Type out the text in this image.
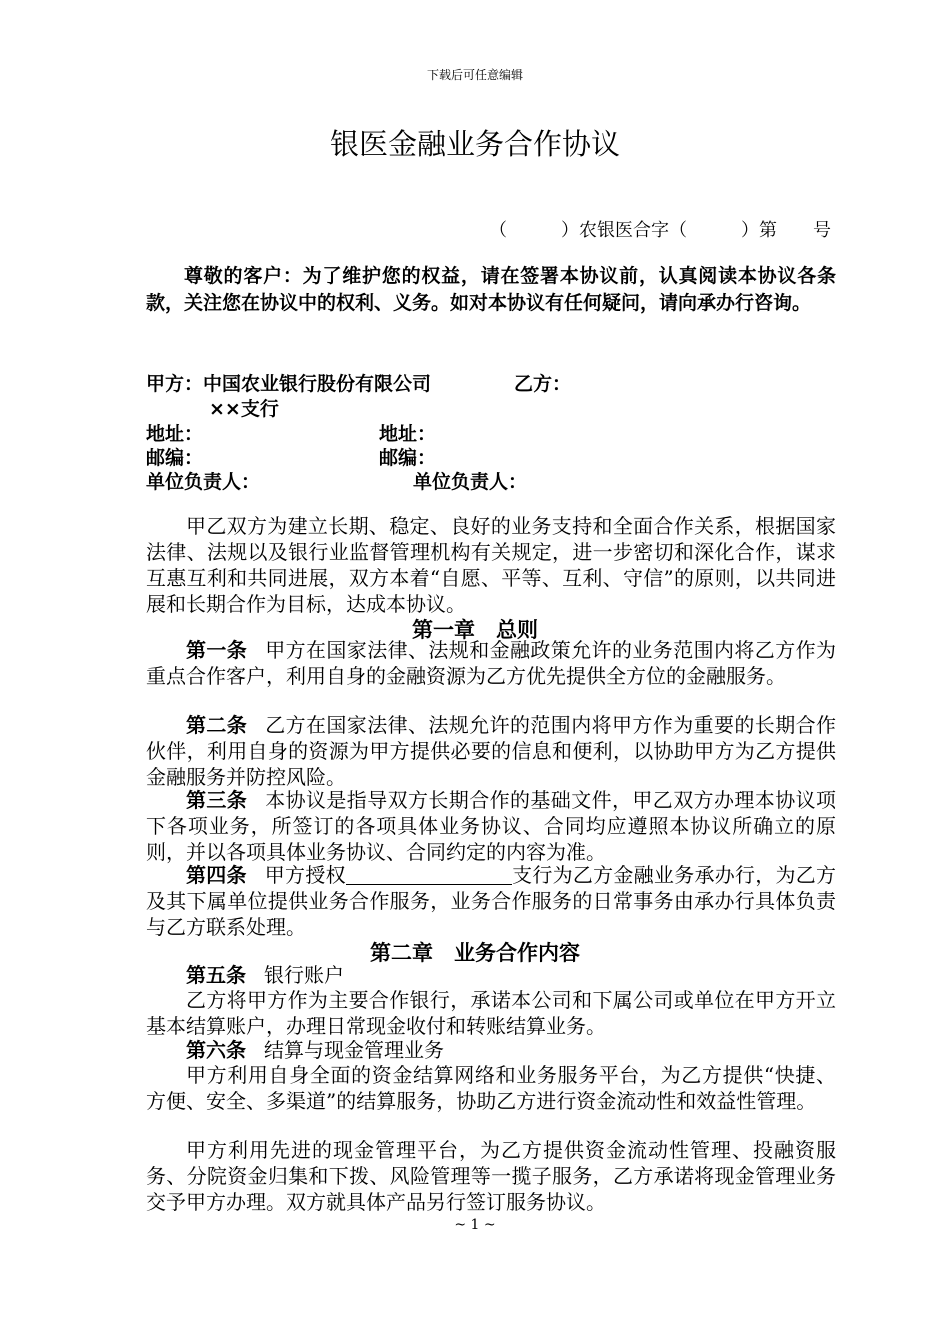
下载后可任意编辑
银医金融业务合作协议
（　　　）农银医合字（　　　）第　　号
尊敬的客户：为了维护您的权益，请在签署本协议前，认真阅读本协议各条款，关注您在协议中的权利、义务。如对本协议有任何疑问，请向承办行咨询。
甲方：中国农业银行股份有限公司	乙方：
××支行
地址：	地址：
邮编：	邮编：
单位负责人：	单位负责人：
甲乙双方为建立长期、稳定、良好的业务支持和全面合作关系，根据国家法律、法规以及银行业监督管理机构有关规定，进一步密切和深化合作，谋求互惠互利和共同进展，双方本着“自愿、平等、互利、守信”的原则，以共同进展和长期合作为目标，达成本协议。
第一章　总则
第一条 甲方在国家法律、法规和金融政策允许的业务范围内将乙方作为重点合作客户，利用自身的金融资源为乙方优先提供全方位的金融服务。
第二条 乙方在国家法律、法规允许的范围内将甲方作为重要的长期合作伙伴，利用自身的资源为甲方提供必要的信息和便利，以协助甲方为乙方提供金融服务并防控风险。
第三条 本协议是指导双方长期合作的基础文件，甲乙双方办理本协议项下各项业务，所签订的各项具体业务协议、合同均应遵照本协议所确立的原则，并以各项具体业务协议、合同约定的内容为准。
第四条 甲方授权	支行为乙方金融业务承办行，为乙方及其下属单位提供业务合作服务，业务合作服务的日常事务由承办行具体负责与乙方联系处理。
第二章　业务合作内容
第五条 银行账户
乙方将甲方作为主要合作银行，承诺本公司和下属公司或单位在甲方开立基本结算账户，办理日常现金收付和转账结算业务。
第六条 结算与现金管理业务
甲方利用自身全面的资金结算网络和业务服务平台，为乙方提供“快捷、方便、安全、多渠道”的结算服务，协助乙方进行资金流动性和效益性管理。
甲方利用先进的现金管理平台，为乙方提供资金流动性管理、投融资服务、分院资金归集和下拨、风险管理等一揽子服务，乙方承诺将现金管理业务交予甲方办理。双方就具体产品另行签订服务协议。
~ 1 ~
